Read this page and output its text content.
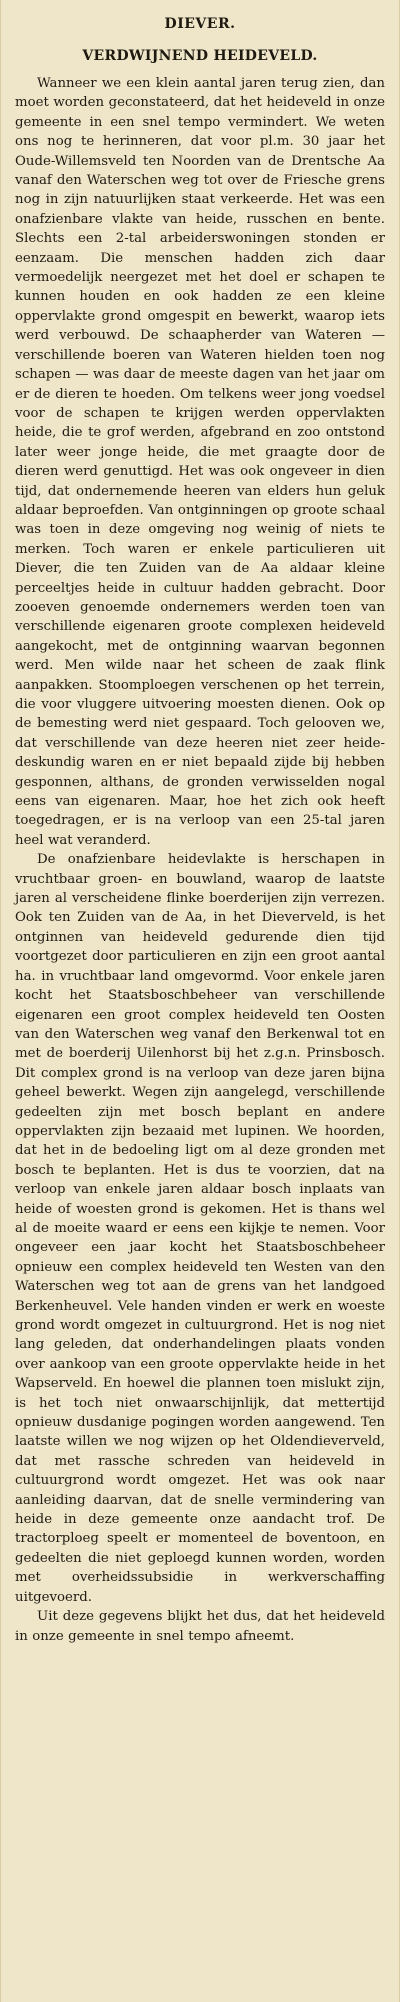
DIEVER.
VERDWIJNEND HEIDEVELD.

Wanneer we een klein aantal jaren terug zien, dan moet worden geconstateerd, dat het heideveld in onze gemeente in een snel tempo vermindert. We weten ons nog te herinneren, dat voor pl.m. 30 jaar het Oude-Willemsveld ten Noorden van de Drentsche Aa vanaf den Waterschen weg tot over de Friesche grens nog in zijn natuurlijken staat verkeerde. Het was een onafzienbare vlakte van heide, russchen en bente. Slechts een 2-tal arbeiderswoningen stonden er eenzaam. Die menschen hadden zich daar vermoedelijk neergezet met het doel er schapen te kunnen houden en ook hadden ze een kleine oppervlakte grond omgespit en bewerkt, waarop iets werd verbouwd. De schaapherder van Wateren — verschillende boeren van Wateren hielden toen nog schapen — was daar de meeste dagen van het jaar om er de dieren te hoeden. Om telkens weer jong voedsel voor de schapen te krijgen werden oppervlakten heide, die te grof werden, afgebrand en zoo ontstond later weer jonge heide, die met graagte door de dieren werd genuttigd. Het was ook ongeveer in dien tijd, dat ondernemende heeren van elders hun geluk aldaar beproefden. Van ontginningen op groote schaal was toen in deze omgeving nog weinig of niets te merken. Toch waren er enkele particulieren uit Diever, die ten Zuiden van de Aa aldaar kleine perceeltjes heide in cultuur hadden gebracht. Door zooeven genoemde ondernemers werden toen van verschillende eigenaren groote complexen heideveld aangekocht, met de ontginning waarvan begonnen werd. Men wilde naar het scheen de zaak flink aanpakken. Stoomploegen verschenen op het terrein, die voor vluggere uitvoering moesten dienen. Ook op de bemesting werd niet gespaard. Toch gelooven we, dat verschillende van deze heeren niet zeer heide-deskundig waren en er niet bepaald zijde bij hebben gesponnen, althans, de gronden verwisselden nogal eens van eigenaren. Maar, hoe het zich ook heeft toegedragen, er is na verloop van een 25-tal jaren heel wat veranderd.

De onafzienbare heidevlakte is herschapen in vruchtbaar groen- en bouwland, waarop de laatste jaren al verscheidene flinke boerderijen zijn verrezen. Ook ten Zuiden van de Aa, in het Dieverveld, is het ontginnen van heideveld gedurende dien tijd voortgezet door particulieren en zijn een groot aantal ha. in vruchtbaar land omgevormd. Voor enkele jaren kocht het Staatsboschbeheer van verschillende eigenaren een groot complex heideveld ten Oosten van den Waterschen weg vanaf den Berkenwal tot en met de boerderij Uilenhorst bij het z.g.n. Prinsbosch. Dit complex grond is na verloop van deze jaren bijna geheel bewerkt. Wegen zijn aangelegd, verschillende gedeelten zijn met bosch beplant en andere oppervlakten zijn bezaaid met lupinen. We hoorden, dat het in de bedoeling ligt om al deze gronden met bosch te beplanten. Het is dus te voorzien, dat na verloop van enkele jaren aldaar bosch inplaats van heide of woesten grond is gekomen. Het is thans wel al de moeite waard er eens een kijkje te nemen. Voor ongeveer een jaar kocht het Staatsboschbeheer opnieuw een complex heideveld ten Westen van den Waterschen weg tot aan de grens van het landgoed Berkenheuvel. Vele handen vinden er werk en woeste grond wordt omgezet in cultuurgrond. Het is nog niet lang geleden, dat onderhandelingen plaats vonden over aankoop van een groote oppervlakte heide in het Wapserveld. En hoewel die plannen toen mislukt zijn, is het toch niet onwaarschijnlijk, dat mettertijd opnieuw dusdanige pogingen worden aangewend. Ten laatste willen we nog wijzen op het Oldendieverveld, dat met rassche schreden van heideveld in cultuurgrond wordt omgezet. Het was ook naar aanleiding daarvan, dat de snelle vermindering van heide in deze gemeente onze aandacht trof. De tractorploeg speelt er momenteel de boventoon, en gedeelten die niet geploegd kunnen worden, worden met overheidssubsidie in werkverschaffing uitgevoerd.

Uit deze gegevens blijkt het dus, dat het heideveld in onze gemeente in snel tempo afneemt.
